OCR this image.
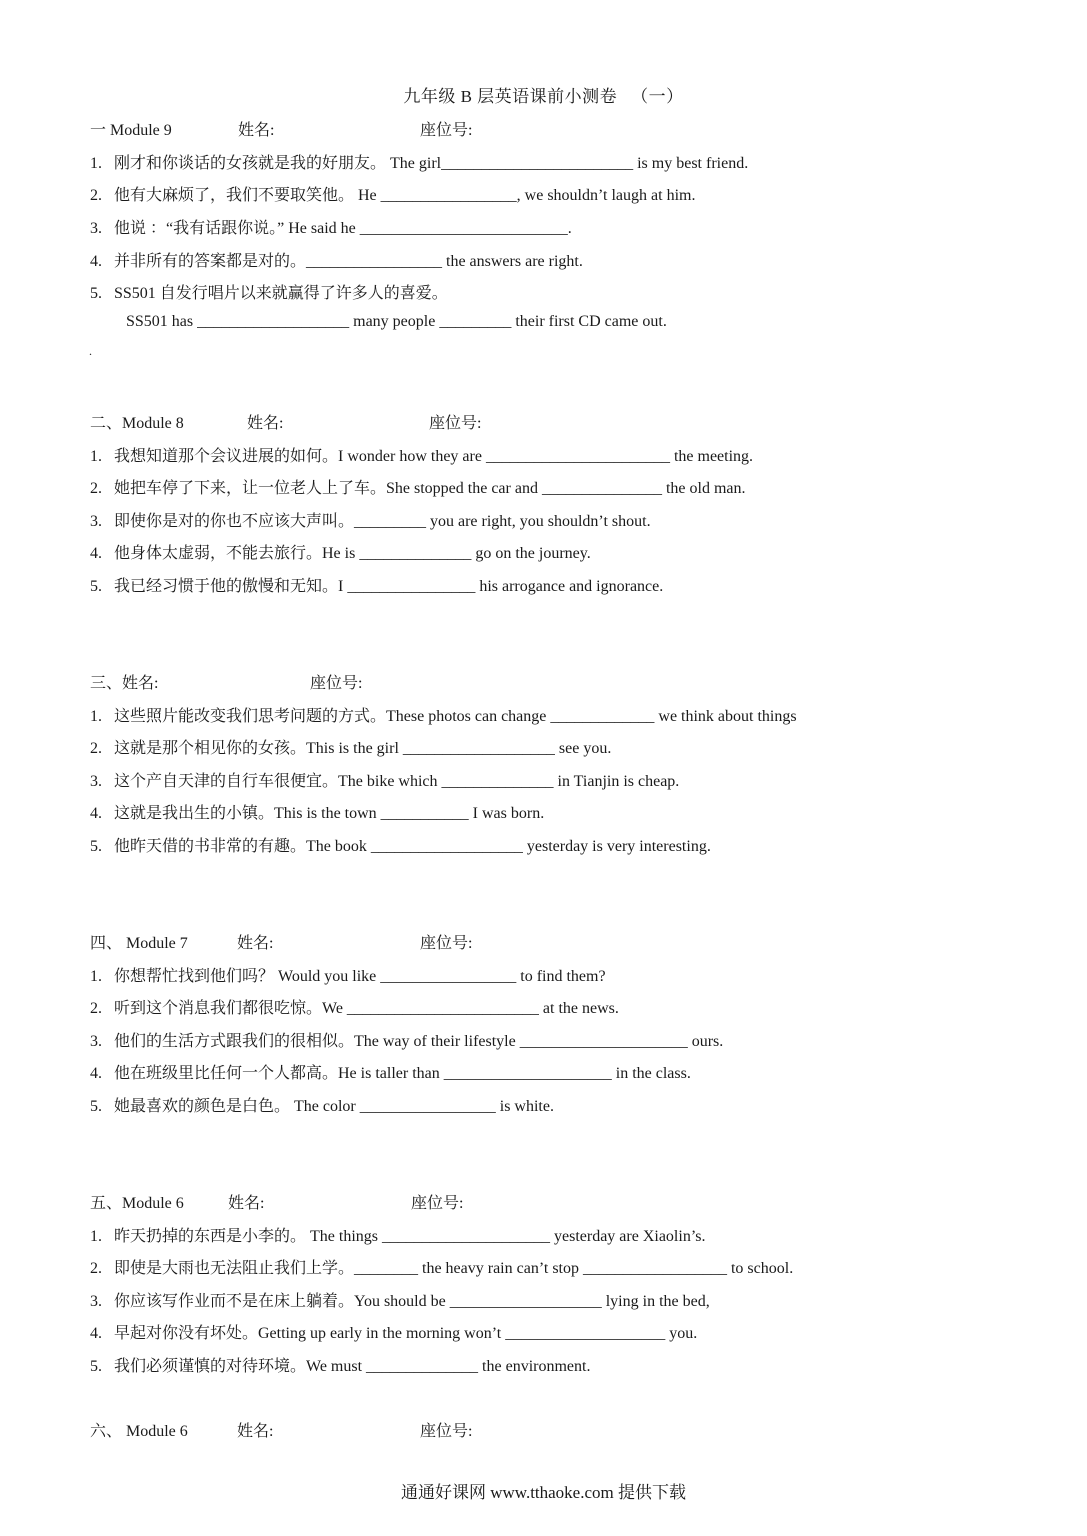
九年级 B 层英语课前小测卷 （一）
一 Module 9	姓名:	座位号:
1. 刚才和你谈话的女孩就是我的好朋友。 The girl________________________ is my best friend.
2. 他有大麻烦了，我们不要取笑他。 He _________________, we shouldn’t laugh at him.
3. 他说 ：“我有话跟你说。” He said he __________________________.
4. 并非所有的答案都是对的。_________________ the answers are right.
5. SS501 自发行唱片以来就赢得了许多人的喜爱。
SS501 has ___________________ many people _________ their first CD came out.
.
二、Module 8	姓名:	座位号:
1. 我想知道那个会议进展的如何。I wonder how they are _______________________ the meeting.
2. 她把车停了下来，让一位老人上了车。She stopped the car and _______________ the old man.
3. 即使你是对的你也不应该大声叫。_________ you are right, you shouldn’t shout.
4. 他身体太虚弱，不能去旅行。He is ______________ go on the journey.
5. 我已经习惯于他的傲慢和无知。I ________________ his arrogance and ignorance.
三、姓名:	座位号:
1. 这些照片能改变我们思考问题的方式。These photos can change _____________ we think about things
2. 这就是那个相见你的女孩。This is the girl ___________________ see you.
3. 这个产自天津的自行车很便宜。The bike which ______________ in Tianjin is cheap.
4. 这就是我出生的小镇。This is the town ___________ I was born.
5. 他昨天借的书非常的有趣。The book ___________________ yesterday is very interesting.
四、 Module 7	姓名:	座位号:
1. 你想帮忙找到他们吗？ Would you like _________________ to find them?
2. 听到这个消息我们都很吃惊。We ________________________ at the news.
3. 他们的生活方式跟我们的很相似。The way of their lifestyle _____________________ ours.
4. 他在班级里比任何一个人都高。He is taller than _____________________ in the class.
5. 她最喜欢的颜色是白色。 The color _________________ is white.
五、Module 6	姓名:	座位号:
1. 昨天扔掉的东西是小李的。 The things _____________________ yesterday are Xiaolin’s.
2. 即使是大雨也无法阻止我们上学。________ the heavy rain can’t stop __________________ to school.
3. 你应该写作业而不是在床上躺着。You should be ___________________ lying in the bed,
4. 早起对你没有坏处。Getting up early in the morning won’t ____________________ you.
5. 我们必须谨慎的对待环境。We must ______________ the environment.
六、 Module 6	姓名:	座位号:
通通好课网 www.tthaoke.com 提供下载
